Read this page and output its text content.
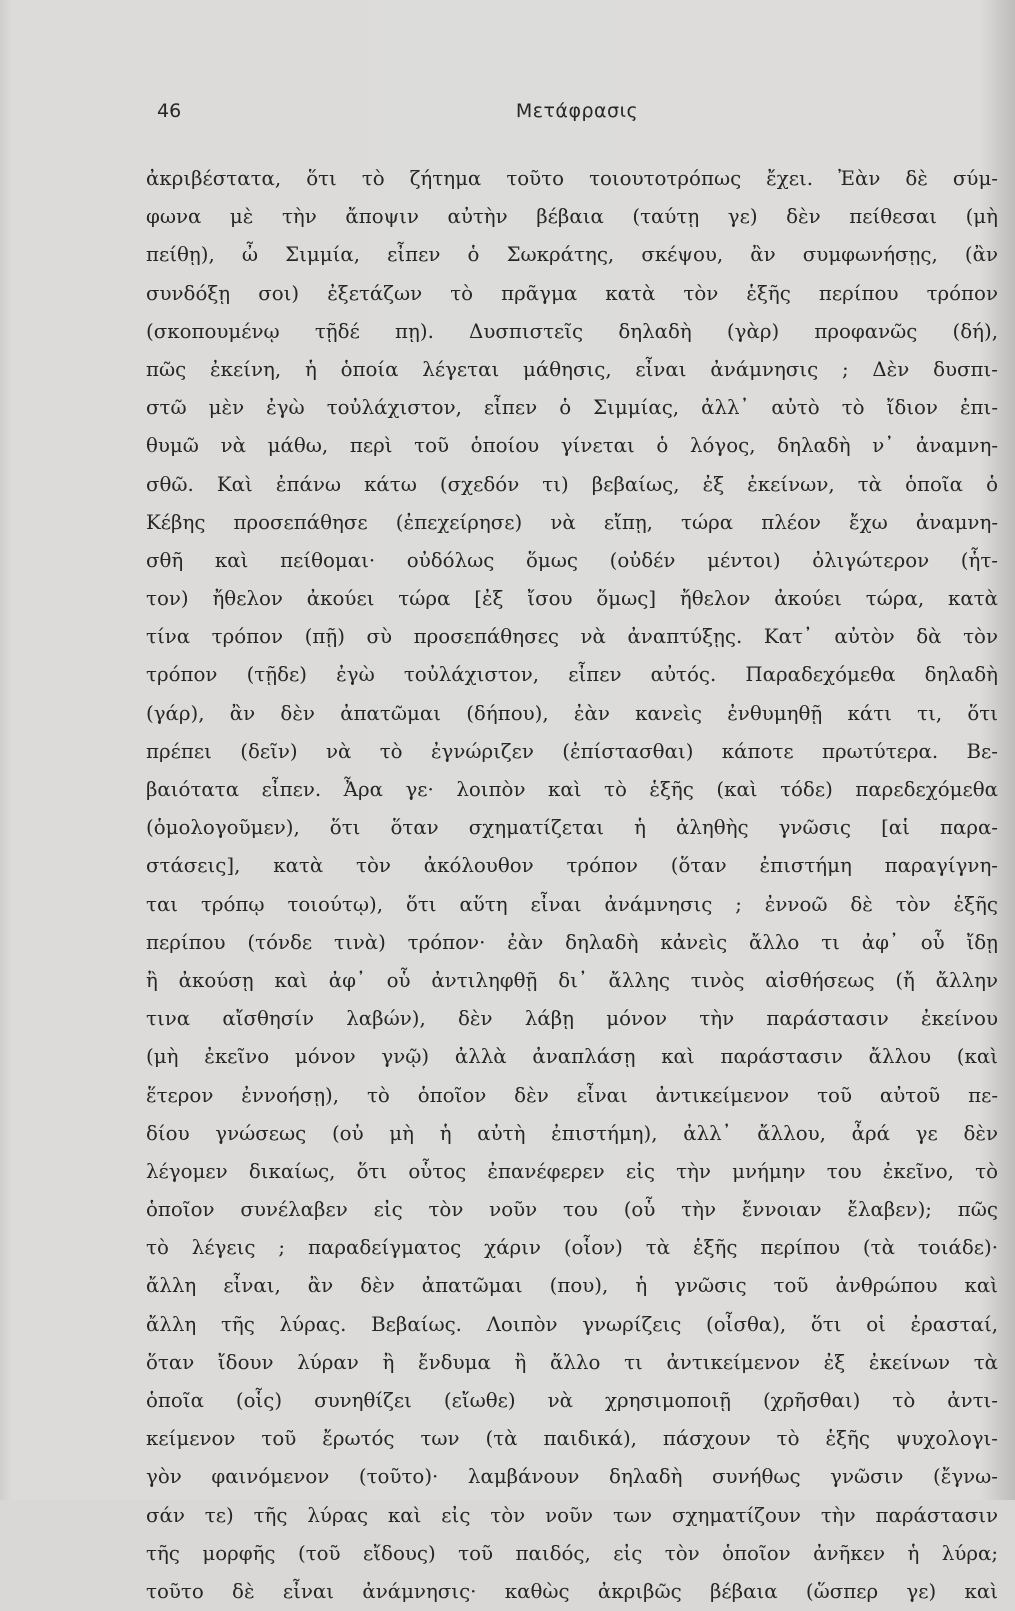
46	Μετάφρασις
ἀκριβέστατα, ὅτι τὸ ζήτημα τοῦτο τοιουτοτρόπως ἔχει. Ἐὰν δὲ σύμ-
φωνα μὲ τὴν ἄποψιν αὐτὴν βέβαια (ταύτῃ γε) δὲν πείθεσαι (μὴ
πείθῃ), ὦ Σιμμία, εἶπεν ὁ Σωκράτης, σκέψου, ἂν συμφωνήσῃς, (ἂν
συνδόξῃ σοι) ἐξετάζων τὸ πρᾶγμα κατὰ τὸν ἑξῆς περίπου τρόπον
(σκοπουμένῳ τῇδέ πῃ). Δυσπιστεῖς δηλαδὴ (γὰρ) προφανῶς (δή),
πῶς ἐκείνη, ἡ ὁποία λέγεται μάθησις, εἶναι ἀνάμνησις ; Δὲν δυσπι-
στῶ μὲν ἐγὼ τοὐλάχιστον, εἶπεν ὁ Σιμμίας, ἀλλ᾿ αὐτὸ τὸ ἴδιον ἐπι-
θυμῶ νὰ μάθω, περὶ τοῦ ὁποίου γίνεται ὁ λόγος, δηλαδὴ ν᾿ ἀναμνη-
σθῶ. Καὶ ἐπάνω κάτω (σχεδόν τι) βεβαίως, ἐξ ἐκείνων, τὰ ὁποῖα ὁ
Κέβης προσεπάθησε (ἐπεχείρησε) νὰ εἴπῃ, τώρα πλέον ἔχω ἀναμνη-
σθῆ καὶ πείθομαι· οὐδόλως ὅμως (οὐδέν μέντοι) ὀλιγώτερον (ἧτ-
τον) ἤθελον ἀκούει τώρα [ἐξ ἴσου ὅμως] ἤθελον ἀκούει τώρα, κατὰ
τίνα τρόπον (πῇ) σὺ προσεπάθησες νὰ ἀναπτύξῃς. Κατ᾿ αὐτὸν δὰ τὸν
τρόπον (τῇδε) ἐγὼ τοὐλάχιστον, εἶπεν αὐτός. Παραδεχόμεθα δηλαδὴ
(γάρ), ἂν δὲν ἀπατῶμαι (δήπου), ἐὰν κανεὶς ἐνθυμηθῇ κάτι τι, ὅτι
πρέπει (δεῖν) νὰ τὸ ἐγνώριζεν (ἐπίστασθαι) κάποτε πρωτύτερα. Βε-
βαιότατα εἶπεν. Ἆρα γε· λοιπὸν καὶ τὸ ἑξῆς (καὶ τόδε) παρεδεχόμεθα
(ὁμολογοῦμεν), ὅτι ὅταν σχηματίζεται ἡ ἀληθὴς γνῶσις [αἱ παρα-
στάσεις], κατὰ τὸν ἀκόλουθον τρόπον (ὅταν ἐπιστήμη παραγίγνη-
ται τρόπῳ τοιούτῳ), ὅτι αὕτη εἶναι ἀνάμνησις ; ἐννοῶ δὲ τὸν ἑξῆς
περίπου (τόνδε τινὰ) τρόπον· ἐὰν δηλαδὴ κἀνεὶς ἄλλο τι ἀφ᾿ οὗ ἴδῃ
ἢ ἀκούσῃ καὶ ἀφ᾿ οὗ ἀντιληφθῇ δι᾿ ἄλλης τινὸς αἰσθήσεως (ἤ ἄλλην
τινα αἴσθησίν λαβών), δὲν λάβῃ μόνον τὴν παράστασιν ἐκείνου
(μὴ ἐκεῖνο μόνον γνῷ) ἀλλὰ ἀναπλάσῃ καὶ παράστασιν ἄλλου (καὶ
ἕτερον ἐννοήσῃ), τὸ ὁποῖον δὲν εἶναι ἀντικείμενον τοῦ αὐτοῦ πε-
δίου γνώσεως (οὐ μὴ ἡ αὐτὴ ἐπιστήμη), ἀλλ᾿ ἄλλου, ἆρά γε δὲν
λέγομεν δικαίως, ὅτι οὗτος ἐπανέφερεν εἰς τὴν μνήμην του ἐκεῖνο, τὸ
ὁποῖον συνέλαβεν εἰς τὸν νοῦν του (οὗ τὴν ἔννοιαν ἔλαβεν); πῶς
τὸ λέγεις ; παραδείγματος χάριν (οἷον) τὰ ἑξῆς περίπου (τὰ τοιάδε)·
ἄλλη εἶναι, ἂν δὲν ἀπατῶμαι (που), ἡ γνῶσις τοῦ ἀνθρώπου καὶ
ἄλλη τῆς λύρας. Βεβαίως. Λοιπὸν γνωρίζεις (οἶσθα), ὅτι οἱ ἐρασταί,
ὅταν ἴδουν λύραν ἢ ἔνδυμα ἢ ἄλλο τι ἀντικείμενον ἐξ ἐκείνων τὰ
ὁποῖα (οἷς) συνηθίζει (εἴωθε) νὰ χρησιμοποιῇ (χρῆσθαι) τὸ ἀντι-
κείμενον τοῦ ἔρωτός των (τὰ παιδικά), πάσχουν τὸ ἑξῆς ψυχολογι-
γὸν φαινόμενον (τοῦτο)· λαμβάνουν δηλαδὴ συνήθως γνῶσιν (ἔγνω-
σάν τε) τῆς λύρας καὶ εἰς τὸν νοῦν των σχηματίζουν τὴν παράστασιν
τῆς μορφῆς (τοῦ εἴδους) τοῦ παιδός, εἰς τὸν ὁποῖον ἀνῆκεν ἡ λύρα;
τοῦτο δὲ εἶναι ἀνάμνησις· καθὼς ἀκριβῶς βέβαια (ὥσπερ γε) καὶ
